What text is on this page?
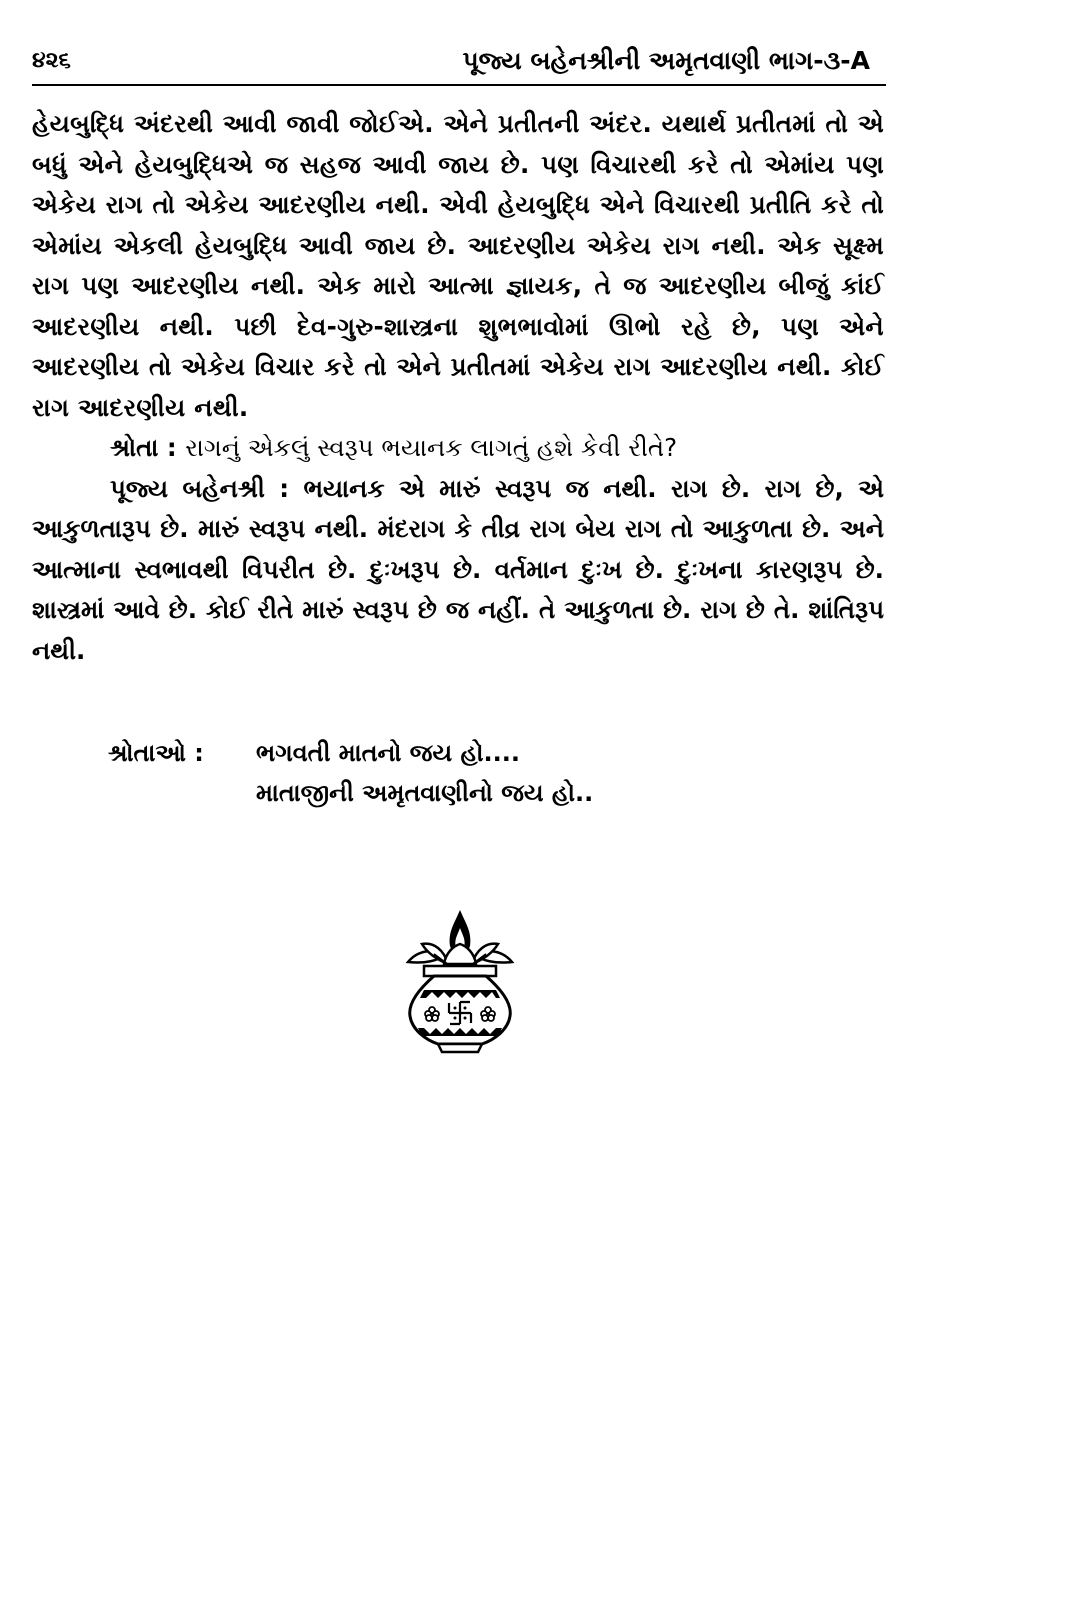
૪૨૬	પૂજ્ય બહેનશ્રીની અમૃતવાણી ભાગ-૩-A

હેયબુદ્ધિ અંદરથી આવી જાવી જોઈએ. એને પ્રતીતની અંદર. યથાર્થ પ્રતીતમાં તો એ બધું એને હેયબુદ્ધિએ જ સહજ આવી જાય છે. પણ વિચારથી કરે તો એમાંય પણ એકેય રાગ તો એકેય આદરણીય નથી. એવી હેયબુદ્ધિ એને વિચારથી પ્રતીતિ કરે તો એમાંય એકલી હેયબુદ્ધિ આવી જાય છે. આદરણીય એકેય રાગ નથી. એક સૂક્ષ્મ રાગ પણ આદરણીય નથી. એક મારો આત્મા જ્ઞાયક, તે જ આદરણીય બીજું કાંઈ આદરણીય નથી. પછી દેવ-ગુરુ-શાસ્ત્રના શુભભાવોમાં ઊભો રહે છે, પણ એને આદરણીય તો એકેય વિચાર કરે તો એને પ્રતીતમાં એકેય રાગ આદરણીય નથી. કોઈ રાગ આદરણીય નથી.

શ્રોતા : રાગનું એકલું સ્વરૂપ ભયાનક લાગતું હશે કેવી રીતે?

પૂજ્ય બહેનશ્રી : ભયાનક એ મારું સ્વરૂપ જ નથી. રાગ છે. રાગ છે, એ આકુળતારૂપ છે. મારું સ્વરૂપ નથી. મંદરાગ કે તીવ્ર રાગ બેય રાગ તો આકુળતા છે. અને આત્માના સ્વભાવથી વિપરીત છે. દુઃખરૂપ છે. વર્તમાન દુઃખ છે. દુઃખના કારણરૂપ છે. શાસ્ત્રમાં આવે છે. કોઈ રીતે મારું સ્વરૂપ છે જ નહીં. તે આકુળતા છે. રાગ છે તે. શાંતિરૂપ નથી.

શ્રોતાઓ :	ભગવતી માતનો જય હો....
માતાજીની અમૃતવાણીનો જય હો..
